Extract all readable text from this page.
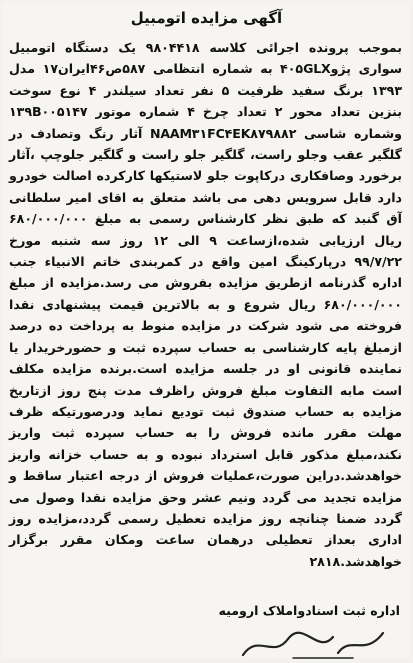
آگهی مزایده اتومبیل

بموجب پرونده اجرائی کلاسه ۹۸۰۴۴۱۸ یک دستگاه اتومبیل سواری پژو۴۰۵GLX به شماره انتظامی ۵۸۷ص۴۶ایران۱۷ مدل ۱۳۹۳ برنگ سفید ظرفیت ۵ نفر تعداد سیلندر ۴ نوع سوخت بنزین تعداد محور ۲ تعداد چرخ ۴ شماره موتور ۱۳۹B۰۰۵۱۴۷ وشماره شاسی NAAM۳۱FC۴EK۸۷۹۸۸۲ آثار رنگ وتصادف در گلگیر عقب وجلو راست، گلگیر جلو راست و گلگیر جلوچپ ،آثار برخورد وصافکاری درکاپوت جلو لاستیکها کارکرده اصالت خودرو دارد قابل سرویس دهی می باشد متعلق به اقای امیر سلطانی آق گنبد که طبق نظر کارشناس رسمی به مبلغ ۶۸۰/۰۰۰/۰۰۰ ریال ارزیابی شده،ازساعت ۹ الی ۱۲ روز سه شنبه مورخ ۹۹/۷/۲۲ درپارکینگ امین واقع در کمربندی خاتم الانبیاء جنب اداره گذرنامه ازطریق مزایده بفروش می رسد.مزایده از مبلغ ۶۸۰/۰۰۰/۰۰۰ ریال شروع و به بالاترین قیمت پیشنهادی نقدا فروخته می شود شرکت در مزایده منوط به پرداخت ده درصد ازمبلغ پایه کارشناسی به حساب سپرده ثبت و حضورخریدار یا نماینده قانونی او در جلسه مزایده است.برنده مزایده مکلف است مابه التفاوت مبلغ فروش راظرف مدت پنج روز ازتاریخ مزایده به حساب صندوق ثبت تودیع نماید ودرصورتیکه ظرف مهلت مقرر مانده فروش را به حساب سپرده ثبت واریز نکند،مبلغ مذکور قابل استرداد نبوده و به حساب خزانه واریز خواهدشد.دراین صورت،عملیات فروش از درجه اعتبار ساقط و مزایده تجدید می گردد ونیم عشر وحق مزایده نقدا وصول می گردد ضمنا چنانچه روز مزایده تعطیل رسمی گردد،مزایده روز اداری بعداز تعطیلی درهمان ساعت ومکان مقرر برگزار خواهدشد.۲۸۱۸

اداره ثبت اسنادواملاک ارومیه
